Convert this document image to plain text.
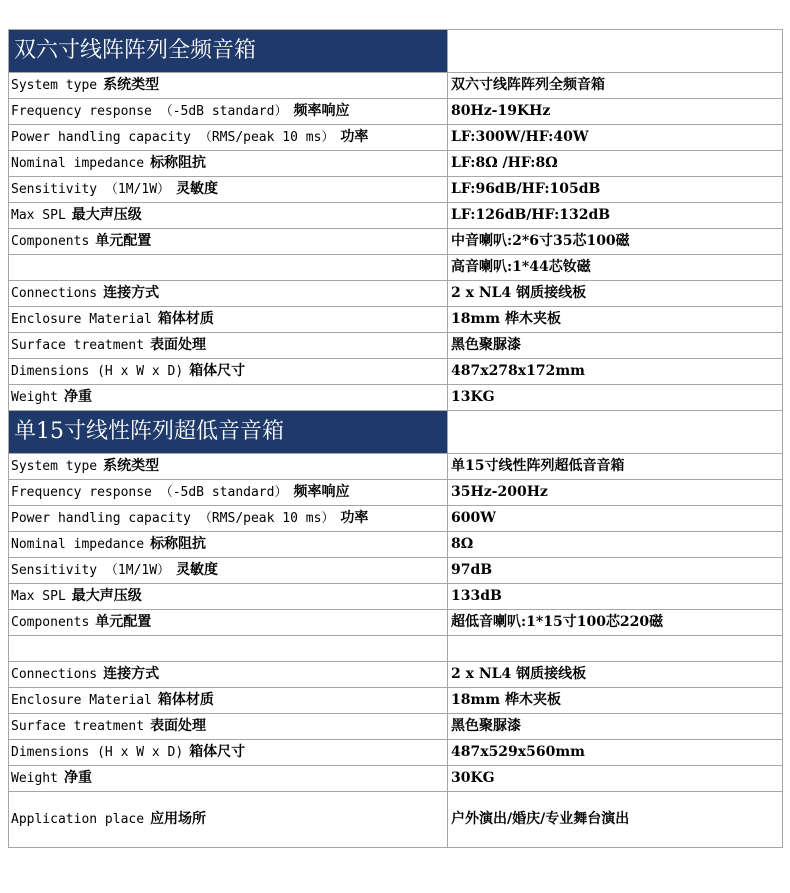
双六寸线阵阵列全频音箱	
System type 系统类型	双六寸线阵阵列全频音箱
Frequency response （-5dB standard） 频率响应	80Hz-19KHz
Power handling capacity （RMS/peak 10 ms） 功率	LF:300W/HF:40W
Nominal impedance 标称阻抗	LF:8Ω /HF:8Ω
Sensitivity （1M/1W） 灵敏度	LF:96dB/HF:105dB
Max SPL 最大声压级	LF:126dB/HF:132dB
Components 单元配置	中音喇叭:2*6寸35芯100磁
	高音喇叭:1*44芯钕磁
Connections 连接方式	2 x NL4 钢质接线板
Enclosure Material 箱体材质	18mm 桦木夹板
Surface treatment 表面处理	黑色聚脲漆
Dimensions (H x W x D) 箱体尺寸	487x278x172mm
Weight 净重	13KG
单15寸线性阵列超低音音箱	
System type 系统类型	单15寸线性阵列超低音音箱
Frequency response （-5dB standard） 频率响应	35Hz-200Hz
Power handling capacity （RMS/peak 10 ms） 功率	600W
Nominal impedance 标称阻抗	8Ω
Sensitivity （1M/1W） 灵敏度	97dB
Max SPL 最大声压级	133dB
Components 单元配置	超低音喇叭:1*15寸100芯220磁

Connections 连接方式	2 x NL4 钢质接线板
Enclosure Material 箱体材质	18mm 桦木夹板
Surface treatment 表面处理	黑色聚脲漆
Dimensions (H x W x D) 箱体尺寸	487x529x560mm
Weight 净重	30KG
Application place 应用场所	户外演出/婚庆/专业舞台演出
